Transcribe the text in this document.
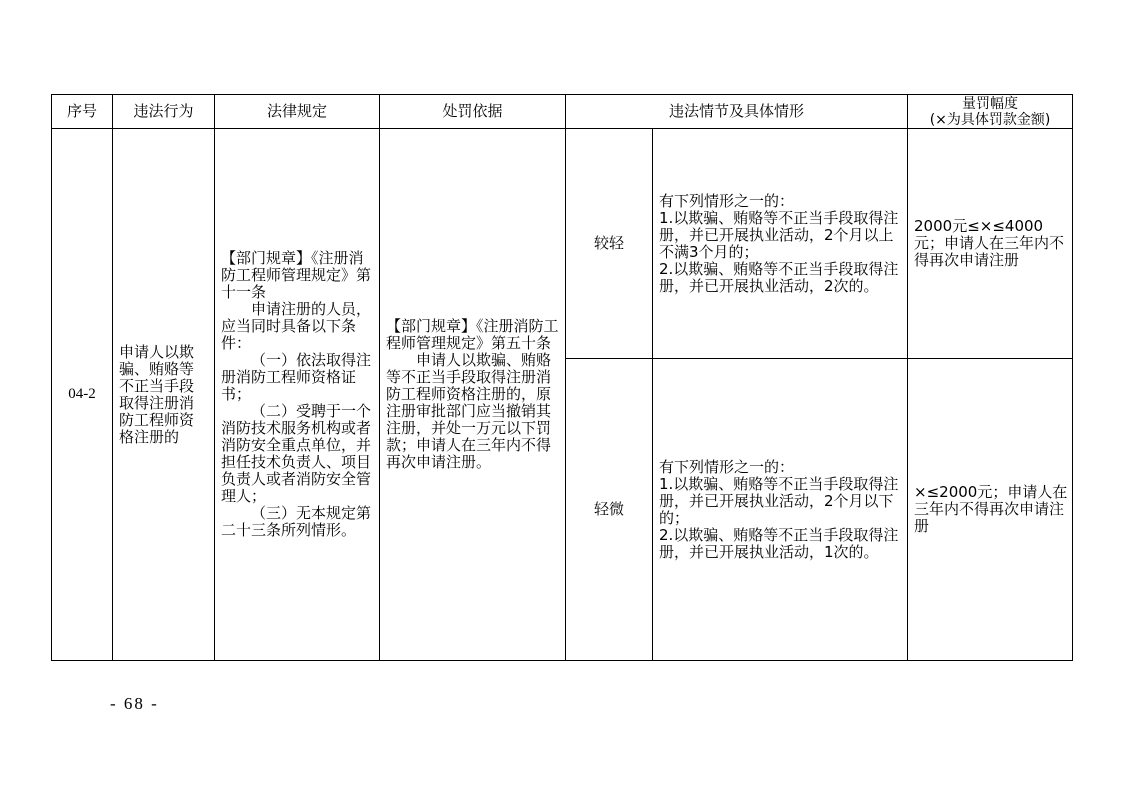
序号	违法行为	法律规定	处罚依据	违法情节及具体情形		量罚幅度
(×为具体罚款金额)

04-2	申请人以欺骗、贿赂等不正当手段取得注册消防工程师资格注册的	【部门规章】《注册消防工程师管理规定》第十一条
申请注册的人员，应当同时具备以下条件：
（一）依法取得注册消防工程师资格证书；
（二）受聘于一个消防技术服务机构或者消防安全重点单位，并担任技术负责人、项目负责人或者消防安全管理人；
（三）无本规定第二十三条所列情形。	【部门规章】《注册消防工程师管理规定》第五十条
申请人以欺骗、贿赂等不正当手段取得注册消防工程师资格注册的，原注册审批部门应当撤销其注册，并处一万元以下罚款；申请人在三年内不得再次申请注册。	较轻	有下列情形之一的：
1.以欺骗、贿赂等不正当手段取得注册，并已开展执业活动，2个月以上不满3个月的；
2.以欺骗、贿赂等不正当手段取得注册，并已开展执业活动，2次的。	2000元≤×≤4000元；申请人在三年内不得再次申请注册

				轻微	有下列情形之一的：
1.以欺骗、贿赂等不正当手段取得注册，并已开展执业活动，2个月以下的；
2.以欺骗、贿赂等不正当手段取得注册，并已开展执业活动，1次的。	×≤2000元；申请人在三年内不得再次申请注册
- 68 -
